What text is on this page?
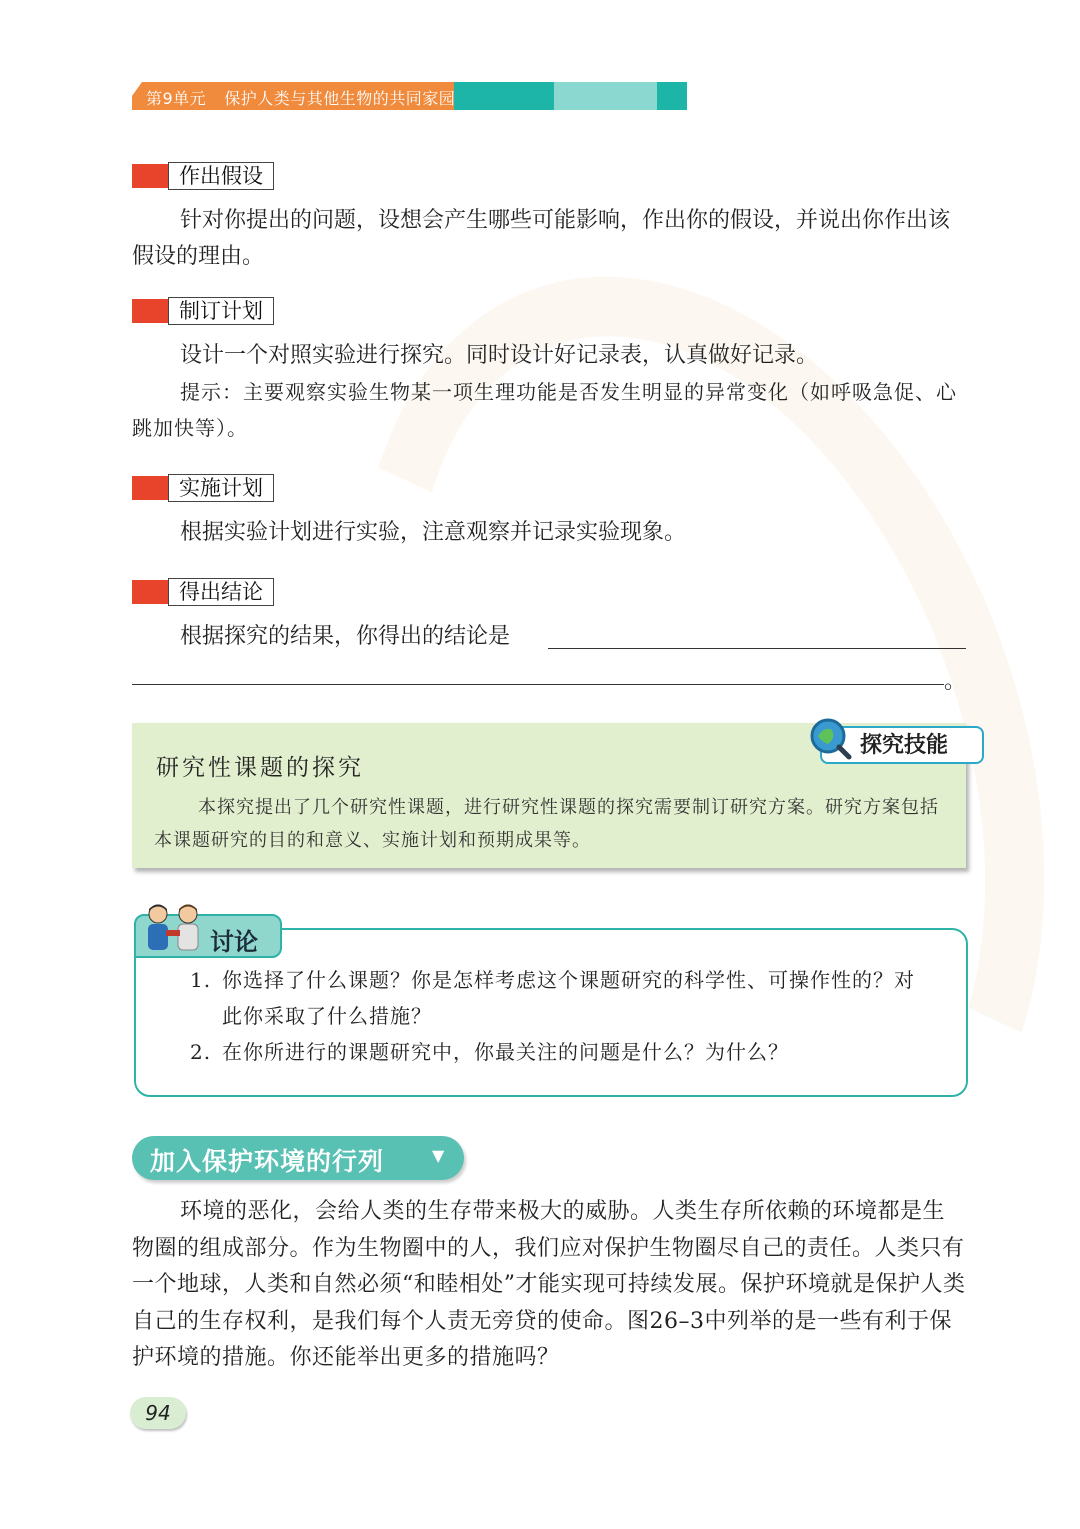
第9单元 保护人类与其他生物的共同家园
作出假设

针对你提出的问题，设想会产生哪些可能影响，作出你的假设，并说出你作出该假设的理由。

制订计划

设计一个对照实验进行探究。同时设计好记录表，认真做好记录。

提示：主要观察实验生物某一项生理功能是否发生明显的异常变化（如呼吸急促、心跳加快等）。

实施计划

根据实验计划进行实验，注意观察并记录实验现象。

得出结论

根据探究的结果，你得出的结论是

。
研究性课题的探究

本探究提出了几个研究性课题，进行研究性课题的探究需要制订研究方案。研究方案包括本课题研究的目的和意义、实施计划和预期成果等。

探究技能
讨论
1. 你选择了什么课题？你是怎样考虑这个课题研究的科学性、可操作性的？对此你采取了什么措施？
2. 在你所进行的课题研究中，你最关注的问题是什么？为什么？
加入保护环境的行列	▼

环境的恶化，会给人类的生存带来极大的威胁。人类生存所依赖的环境都是生物圈的组成部分。作为生物圈中的人，我们应对保护生物圈尽自己的责任。人类只有一个地球，人类和自然必须“和睦相处”才能实现可持续发展。保护环境就是保护人类自己的生存权利，是我们每个人责无旁贷的使命。图26–3中列举的是一些有利于保护环境的措施。你还能举出更多的措施吗？

94
